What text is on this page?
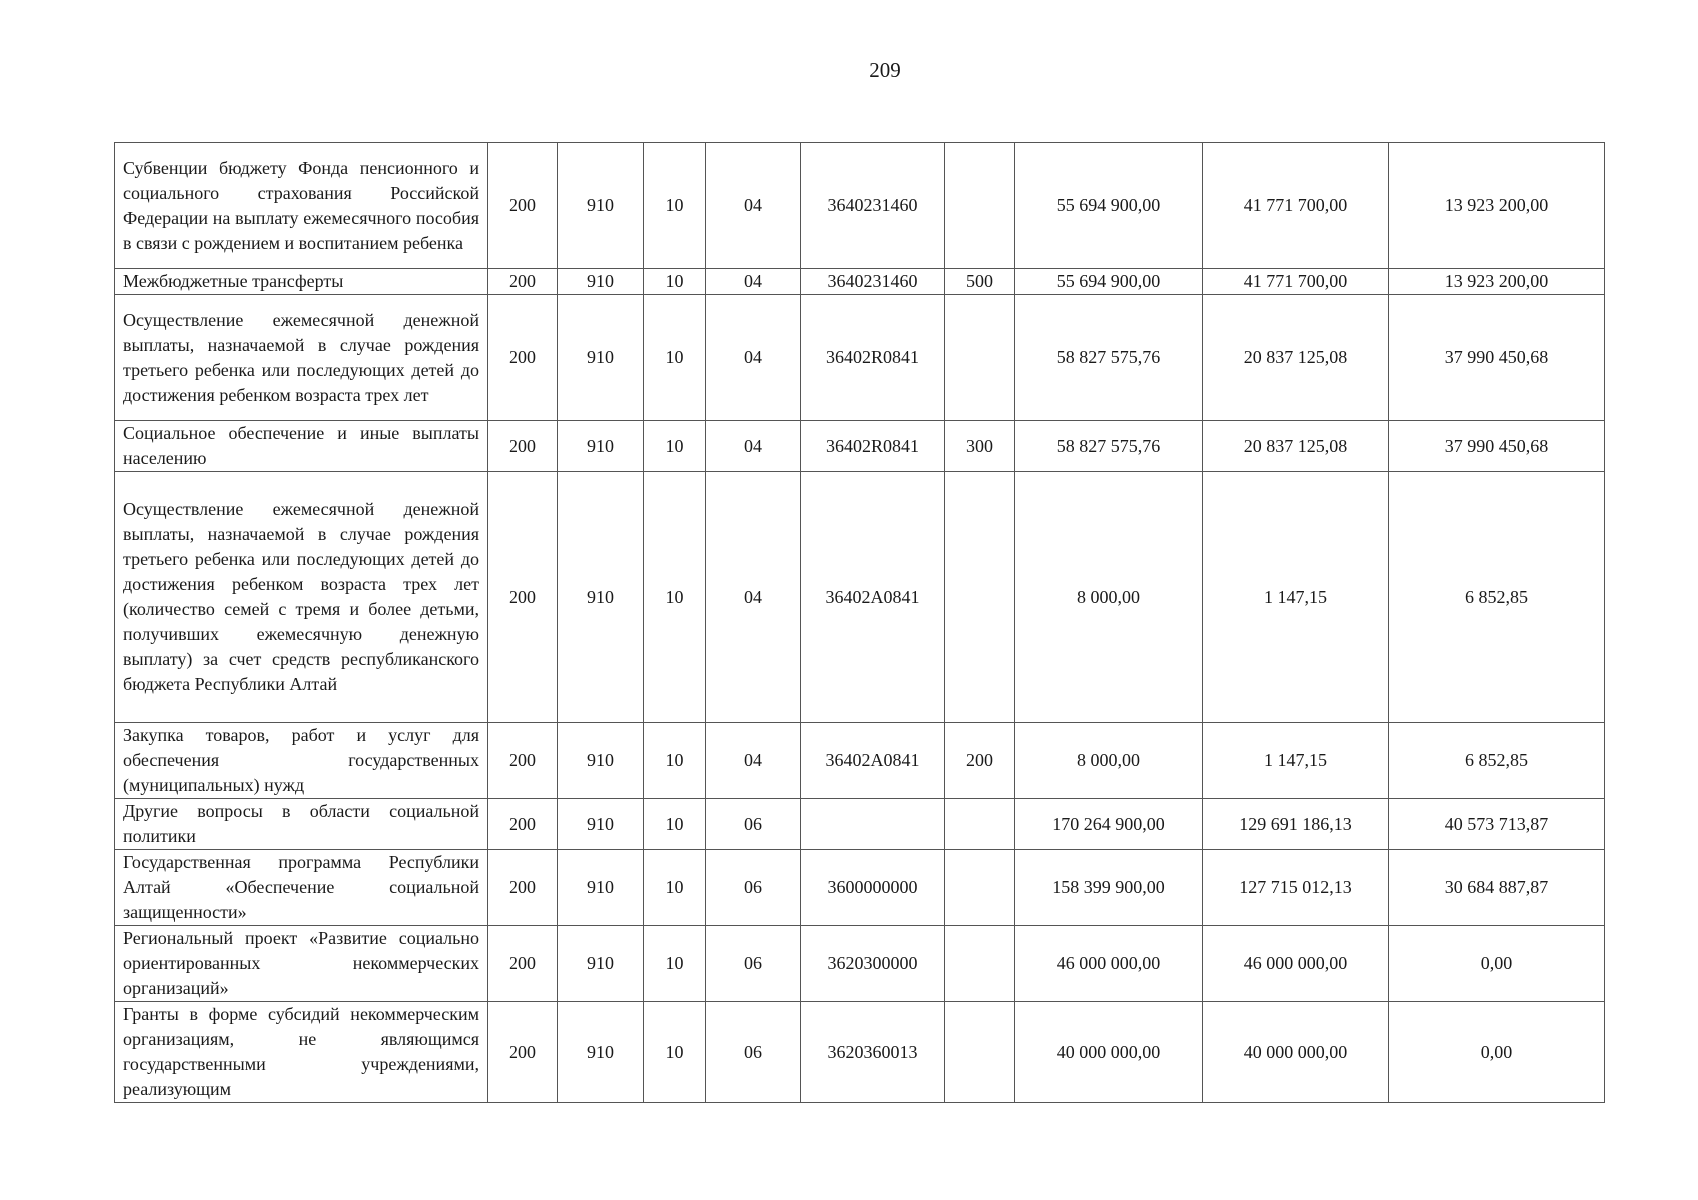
209
Субвенции бюджету Фонда пенсионного и социального страхования Российской Федерации на выплату ежемесячного пособия в связи с рождением и воспитанием ребенка	200	910	10	04	3640231460		55 694 900,00	41 771 700,00	13 923 200,00
Межбюджетные трансферты	200	910	10	04	3640231460	500	55 694 900,00	41 771 700,00	13 923 200,00
Осуществление ежемесячной денежной выплаты, назначаемой в случае рождения третьего ребенка или последующих детей до достижения ребенком возраста трех лет	200	910	10	04	36402R0841		58 827 575,76	20 837 125,08	37 990 450,68
Социальное обеспечение и иные выплаты населению	200	910	10	04	36402R0841	300	58 827 575,76	20 837 125,08	37 990 450,68
Осуществление ежемесячной денежной выплаты, назначаемой в случае рождения третьего ребенка или последующих детей до достижения ребенком возраста трех лет (количество семей с тремя и более детьми, получивших ежемесячную денежную выплату) за счет средств республиканского бюджета Республики Алтай	200	910	10	04	36402A0841		8 000,00	1 147,15	6 852,85
Закупка товаров, работ и услуг для обеспечения государственных (муниципальных) нужд	200	910	10	04	36402A0841	200	8 000,00	1 147,15	6 852,85
Другие вопросы в области социальной политики	200	910	10	06			170 264 900,00	129 691 186,13	40 573 713,87
Государственная программа Республики Алтай «Обеспечение социальной защищенности»	200	910	10	06	3600000000		158 399 900,00	127 715 012,13	30 684 887,87
Региональный проект «Развитие социально ориентированных некоммерческих организаций»	200	910	10	06	3620300000		46 000 000,00	46 000 000,00	0,00
Гранты в форме субсидий некоммерческим организациям, не являющимся государственными учреждениями, реализующим	200	910	10	06	3620360013		40 000 000,00	40 000 000,00	0,00
